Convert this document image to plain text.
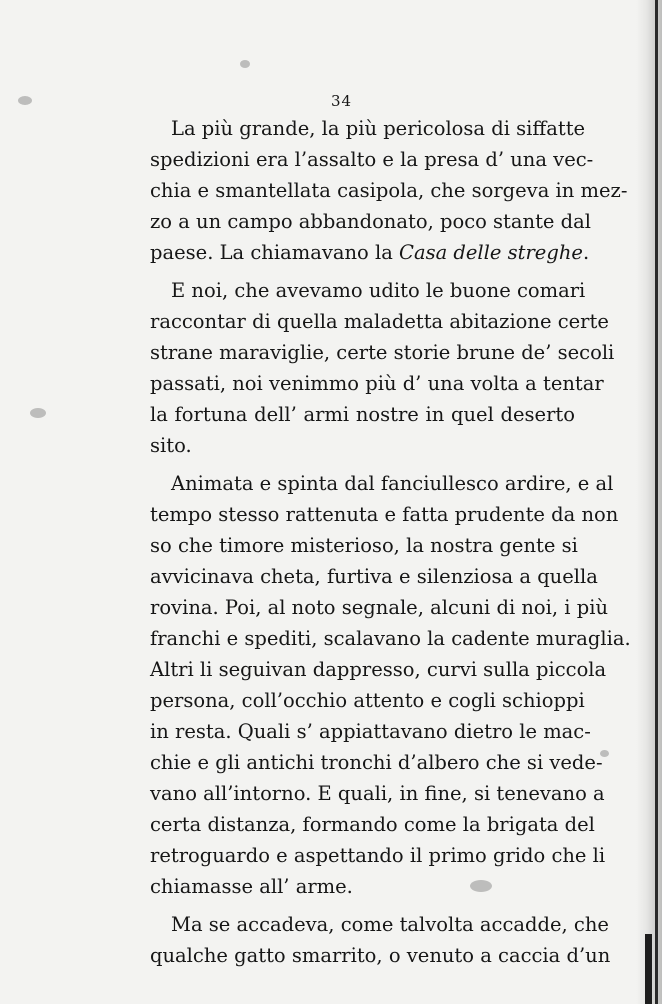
34
La più grande, la più pericolosa di siffatte
spedizioni era l’assalto e la presa d’ una vec-
chia e smantellata casipola, che sorgeva in mez-
zo a un campo abbandonato, poco stante dal
paese. La chiamavano la Casa delle streghe.
E noi, che avevamo udito le buone comari
raccontar di quella maladetta abitazione certe
strane maraviglie, certe storie brune de’ secoli
passati, noi venimmo più d’ una volta a tentar
la fortuna dell’ armi nostre in quel deserto
sito.
Animata e spinta dal fanciullesco ardire, e al
tempo stesso rattenuta e fatta prudente da non
so che timore misterioso, la nostra gente si
avvicinava cheta, furtiva e silenziosa a quella
rovina. Poi, al noto segnale, alcuni di noi, i più
franchi e spediti, scalavano la cadente muraglia.
Altri li seguivan dappresso, curvi sulla piccola
persona, coll’occhio attento e cogli schioppi
in resta. Quali s’ appiattavano dietro le mac-
chie e gli antichi tronchi d’albero che si vede-
vano all’intorno. E quali, in fine, si tenevano a
certa distanza, formando come la brigata del
retroguardo e aspettando il primo grido che li
chiamasse all’ arme.
Ma se accadeva, come talvolta accadde, che
qualche gatto smarrito, o venuto a caccia d’un
